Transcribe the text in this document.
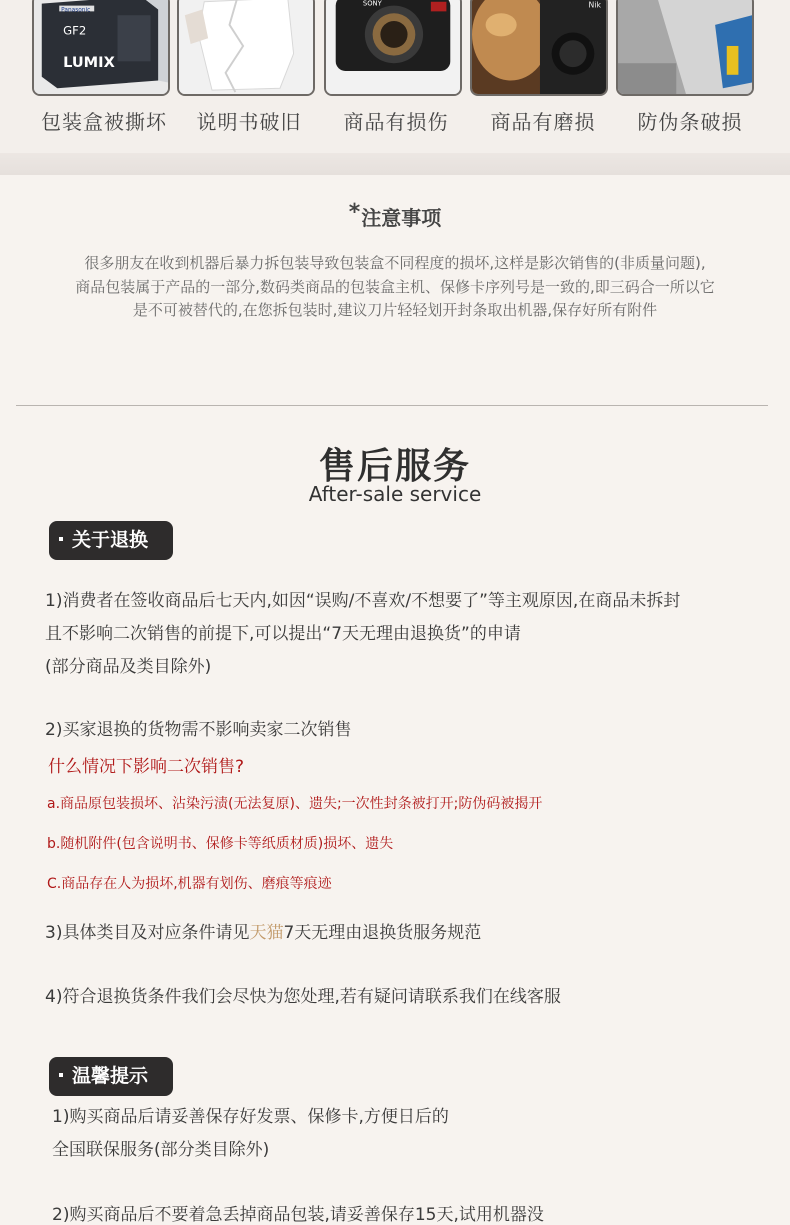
Panasonic
GF2
LUMIX
SONY	Nik
包装盒被撕坏	说明书破旧	商品有损伤	商品有磨损	防伪条破损
*注意事项
很多朋友在收到机器后暴力拆包装导致包装盒不同程度的损坏,这样是影次销售的(非质量问题),
商品包装属于产品的一部分,数码类商品的包装盒主机、保修卡序列号是一致的,即三码合一所以它
是不可被替代的,在您拆包装时,建议刀片轻轻划开封条取出机器,保存好所有附件
售后服务
After-sale service
关于退换
1)消费者在签收商品后七天内,如因“误购/不喜欢/不想要了”等主观原因,在商品未拆封
且不影响二次销售的前提下,可以提出“7天无理由退换货”的申请
(部分商品及类目除外)
2)买家退换的货物需不影响卖家二次销售
什么情况下影响二次销售?
a.商品原包装损坏、沾染污渍(无法复原)、遗失;一次性封条被打开;防伪码被揭开
b.随机附件(包含说明书、保修卡等纸质材质)损坏、遗失
C.商品存在人为损坏,机器有划伤、磨痕等痕迹
3)具体类目及对应条件请见天猫7天无理由退换货服务规范
4)符合退换货条件我们会尽快为您处理,若有疑问请联系我们在线客服
温馨提示
1)购买商品后请妥善保存好发票、保修卡,方便日后的
全国联保服务(部分类目除外)
2)购买商品后不要着急丢掉商品包装,请妥善保存15天,试用机器没
